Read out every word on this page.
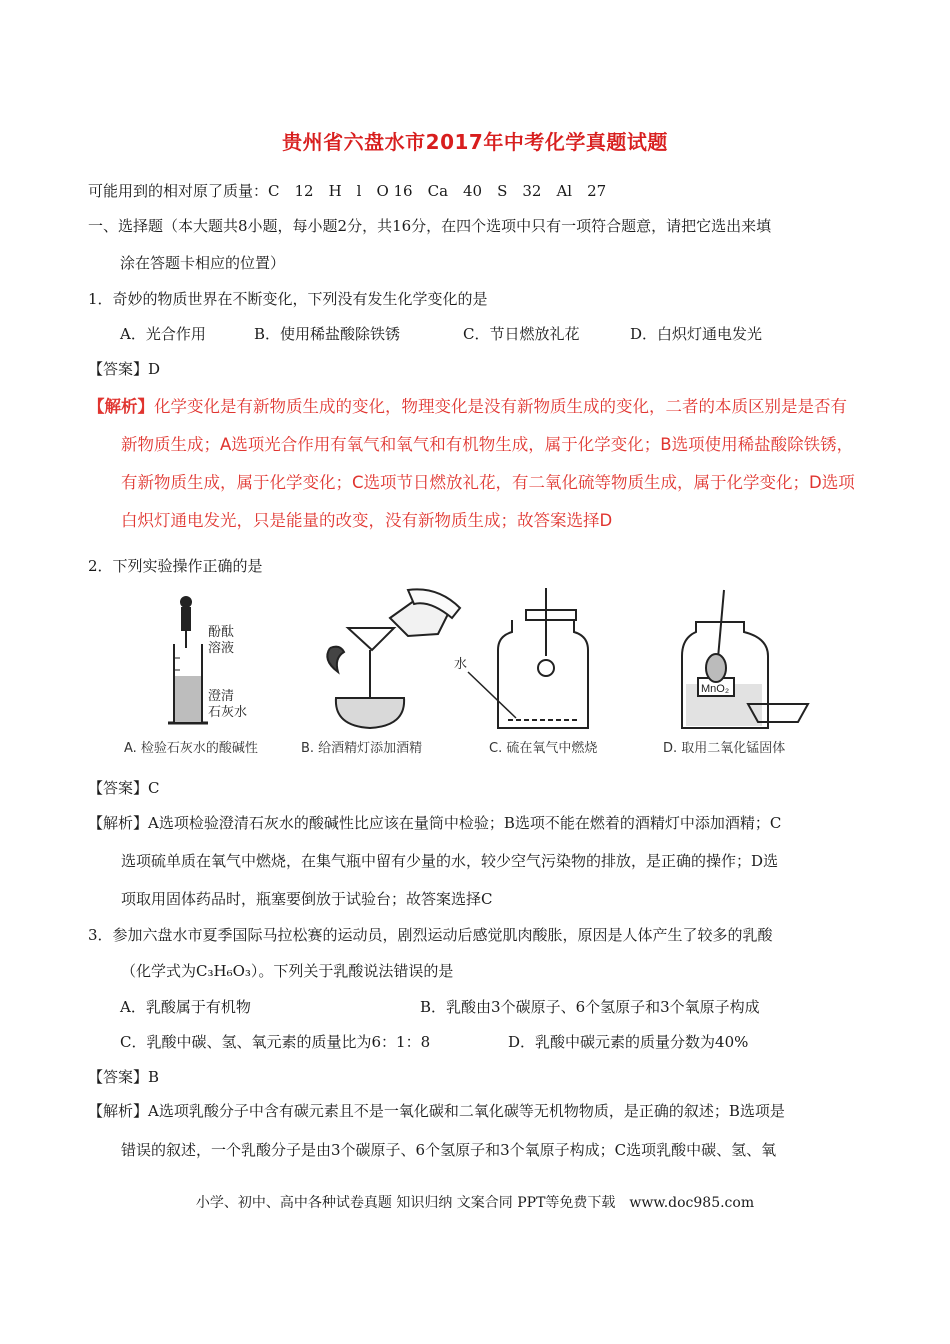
贵州省六盘水市2017年中考化学真题试题
可能用到的相对原了质量：C　12　H　l　O 16　Ca　40　S　32　Al　27
一、选择题（本大题共8小题，每小题2分，共16分，在四个选项中只有一项符合题意，请把它选出来填
涂在答题卡相应的位置）
1．奇妙的物质世界在不断变化，下列没有发生化学变化的是
A．光合作用	B．使用稀盐酸除铁锈	C．节日燃放礼花	D．白炽灯通电发光
【答案】D
【解析】化学变化是有新物质生成的变化，物理变化是没有新物质生成的变化，二者的本质区别是是否有
新物质生成；A选项光合作用有氧气和氧气和有机物生成，属于化学变化；B选项使用稀盐酸除铁锈，
有新物质生成，属于化学变化；C选项节日燃放礼花，有二氧化硫等物质生成，属于化学变化；D选项
白炽灯通电发光，只是能量的改变，没有新物质生成；故答案选择D
2．下列实验操作正确的是
酚酞
溶液
澄清
石灰水
水
MnO₂
A. 检验石灰水的酸碱性	B. 给酒精灯添加酒精	C. 硫在氧气中燃烧	D. 取用二氧化锰固体
【答案】C
【解析】A选项检验澄清石灰水的酸碱性比应该在量筒中检验；B选项不能在燃着的酒精灯中添加酒精；C
选项硫单质在氧气中燃烧，在集气瓶中留有少量的水，较少空气污染物的排放，是正确的操作；D选
项取用固体药品时，瓶塞要倒放于试验台；故答案选择C
3．参加六盘水市夏季国际马拉松赛的运动员，剧烈运动后感觉肌肉酸胀，原因是人体产生了较多的乳酸
（化学式为C₃H₆O₃）。下列关于乳酸说法错误的是
A．乳酸属于有机物	B．乳酸由3个碳原子、6个氢原子和3个氧原子构成
C．乳酸中碳、氢、氧元素的质量比为6：1：8	D．乳酸中碳元素的质量分数为40%
【答案】B
【解析】A选项乳酸分子中含有碳元素且不是一氧化碳和二氧化碳等无机物物质，是正确的叙述；B选项是
错误的叙述，一个乳酸分子是由3个碳原子、6个氢原子和3个氧原子构成；C选项乳酸中碳、氢、氧
小学、初中、高中各种试卷真题 知识归纳 文案合同 PPT等免费下载　www.doc985.com
